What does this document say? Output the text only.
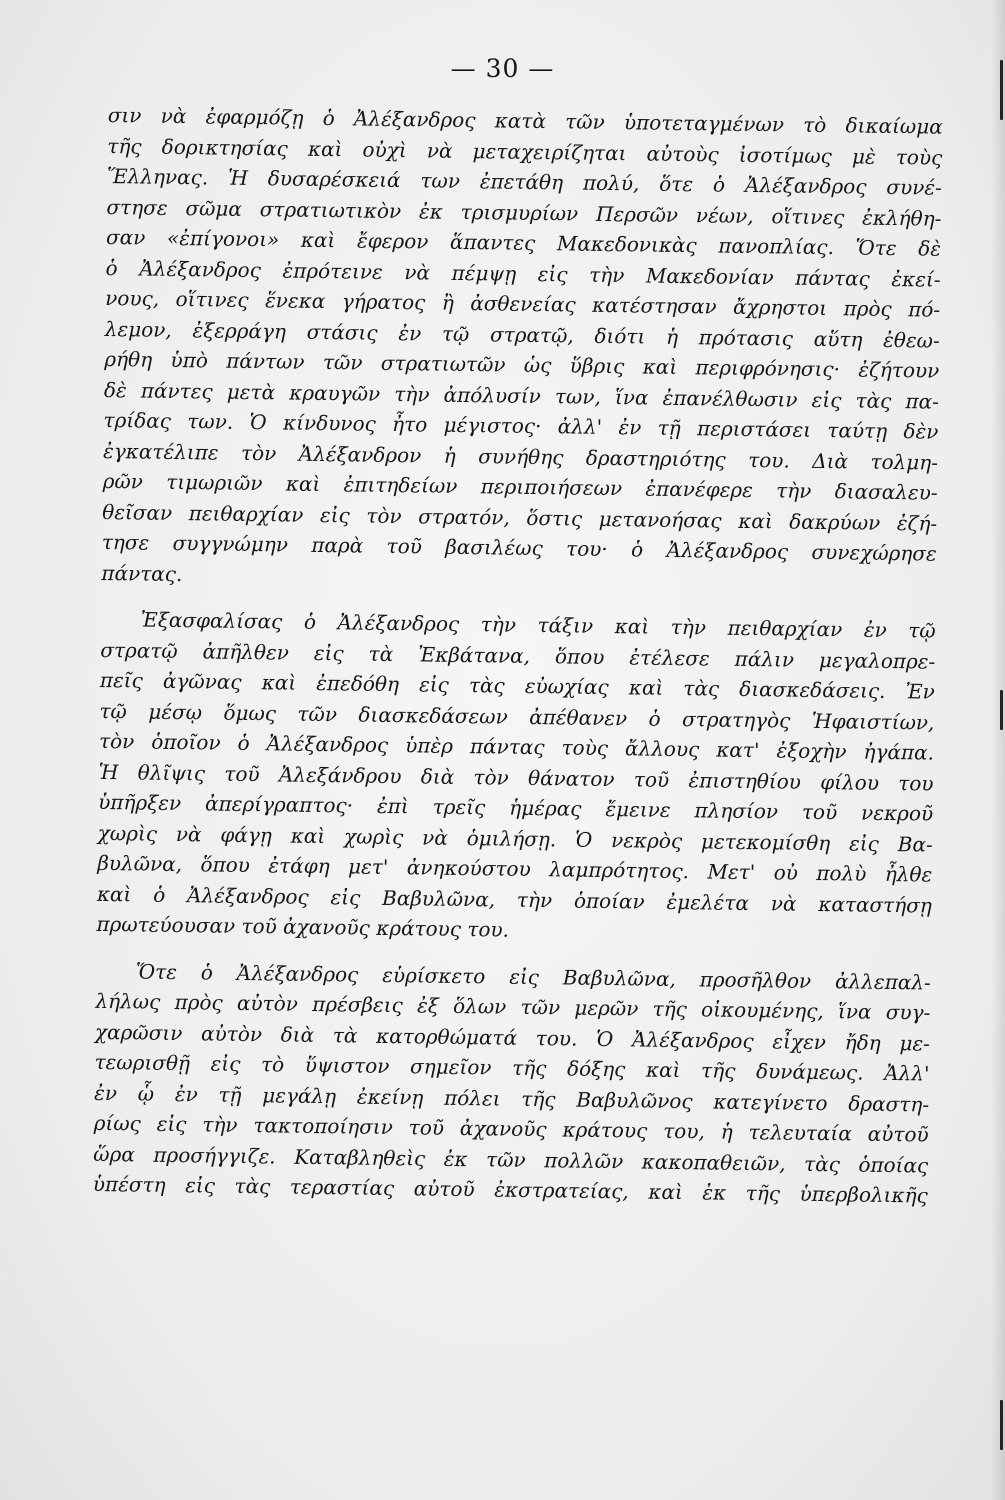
— 30 —
σιν νὰ ἐφαρμόζῃ ὁ Ἀλέξανδρος κατὰ τῶν ὑποτεταγμένων τὸ δικαίωμα
τῆς δορικτησίας καὶ οὐχὶ νὰ μεταχειρίζηται αὐτοὺς ἰσοτίμως μὲ τοὺς
Ἕλληνας. Ἡ δυσαρέσκειά των ἐπετάθη πολύ, ὅτε ὁ Ἀλέξανδρος συνέ-
στησε σῶμα στρατιωτικὸν ἐκ τρισμυρίων Περσῶν νέων, οἵτινες ἐκλήθη-
σαν «ἐπίγονοι» καὶ ἔφερον ἅπαντες Μακεδονικὰς πανοπλίας. Ὅτε δὲ
ὁ Ἀλέξανδρος ἐπρότεινε νὰ πέμψῃ εἰς τὴν Μακεδονίαν πάντας ἐκεί-
νους, οἵτινες ἕνεκα γήρατος ἢ ἀσθενείας κατέστησαν ἄχρηστοι πρὸς πό-
λεμον, ἐξερράγη στάσις ἐν τῷ στρατῷ, διότι ἡ πρότασις αὕτη ἐθεω-
ρήθη ὑπὸ πάντων τῶν στρατιωτῶν ὡς ὕβρις καὶ περιφρόνησις· ἐζήτουν
δὲ πάντες μετὰ κραυγῶν τὴν ἀπόλυσίν των, ἵνα ἐπανέλθωσιν εἰς τὰς πα-
τρίδας των. Ὁ κίνδυνος ἦτο μέγιστος· ἀλλ' ἐν τῇ περιστάσει ταύτῃ δὲν
ἐγκατέλιπε τὸν Ἀλέξανδρον ἡ συνήθης δραστηριότης του. Διὰ τολμη-
ρῶν τιμωριῶν καὶ ἐπιτηδείων περιποιήσεων ἐπανέφερε τὴν διασαλευ-
θεῖσαν πειθαρχίαν εἰς τὸν στρατόν, ὅστις μετανοήσας καὶ δακρύων ἐζή-
τησε συγγνώμην παρὰ τοῦ βασιλέως του· ὁ Ἀλέξανδρος συνεχώρησε
πάντας.
Ἐξασφαλίσας ὁ Ἀλέξανδρος τὴν τάξιν καὶ τὴν πειθαρχίαν ἐν τῷ
στρατῷ ἀπῆλθεν εἰς τὰ Ἐκβάτανα, ὅπου ἐτέλεσε πάλιν μεγαλοπρε-
πεῖς ἀγῶνας καὶ ἐπεδόθη εἰς τὰς εὐωχίας καὶ τὰς διασκεδάσεις. Ἐν
τῷ μέσῳ ὅμως τῶν διασκεδάσεων ἀπέθανεν ὁ στρατηγὸς Ἡφαιστίων,
τὸν ὁποῖον ὁ Ἀλέξανδρος ὑπὲρ πάντας τοὺς ἄλλους κατ' ἐξοχὴν ἠγάπα.
Ἡ θλῖψις τοῦ Ἀλεξάνδρου διὰ τὸν θάνατον τοῦ ἐπιστηθίου φίλου του
ὑπῆρξεν ἀπερίγραπτος· ἐπὶ τρεῖς ἡμέρας ἔμεινε πλησίον τοῦ νεκροῦ
χωρὶς νὰ φάγῃ καὶ χωρὶς νὰ ὁμιλήσῃ. Ὁ νεκρὸς μετεκομίσθη εἰς Βα-
βυλῶνα, ὅπου ἐτάφη μετ' ἀνηκούστου λαμπρότητος. Μετ' οὐ πολὺ ἦλθε
καὶ ὁ Ἀλέξανδρος εἰς Βαβυλῶνα, τὴν ὁποίαν ἐμελέτα νὰ καταστήσῃ
πρωτεύουσαν τοῦ ἀχανοῦς κράτους του.
Ὅτε ὁ Ἀλέξανδρος εὑρίσκετο εἰς Βαβυλῶνα, προσῆλθον ἀλλεπαλ-
λήλως πρὸς αὐτὸν πρέσβεις ἐξ ὅλων τῶν μερῶν τῆς οἰκουμένης, ἵνα συγ-
χαρῶσιν αὐτὸν διὰ τὰ κατορθώματά του. Ὁ Ἀλέξανδρος εἶχεν ἤδη με-
τεωρισθῇ εἰς τὸ ὕψιστον σημεῖον τῆς δόξης καὶ τῆς δυνάμεως. Ἀλλ'
ἐν ᾧ ἐν τῇ μεγάλῃ ἐκείνῃ πόλει τῆς Βαβυλῶνος κατεγίνετο δραστη-
ρίως εἰς τὴν τακτοποίησιν τοῦ ἀχανοῦς κράτους του, ἡ τελευταία αὐτοῦ
ὥρα προσήγγιζε. Καταβληθεὶς ἐκ τῶν πολλῶν κακοπαθειῶν, τὰς ὁποίας
ὑπέστη εἰς τὰς τεραστίας αὐτοῦ ἐκστρατείας, καὶ ἐκ τῆς ὑπερβολικῆς
